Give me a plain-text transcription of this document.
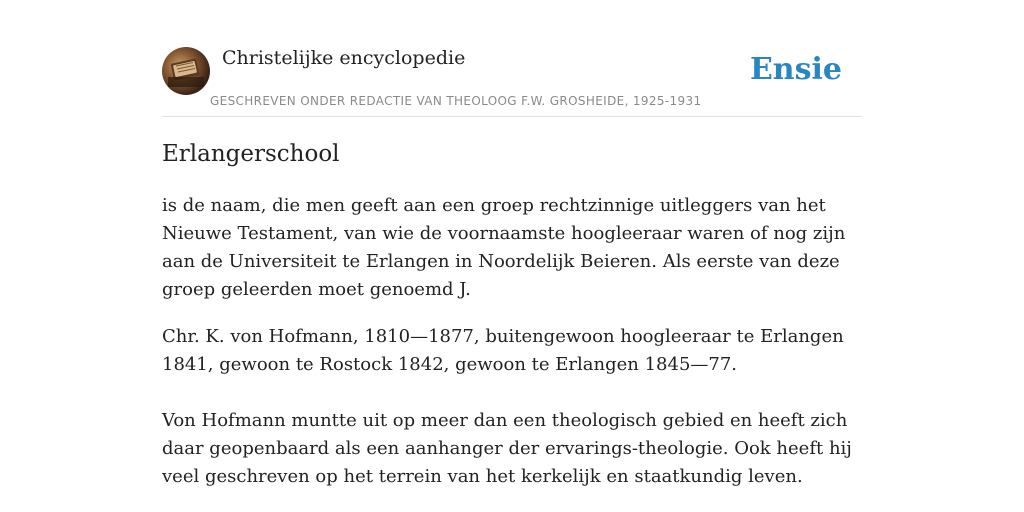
Christelijke encyclopedie
GESCHREVEN ONDER REDACTIE VAN THEOLOOG F.W. GROSHEIDE, 1925-1931
Ensie
Erlangerschool

is de naam, die men geeft aan een groep rechtzinnige uitleggers van het Nieuwe Testament, van wie de voornaamste hoogleeraar waren of nog zijn aan de Universiteit te Erlangen in Noordelijk Beieren. Als eerste van deze groep geleerden moet genoemd J.

Chr. K. von Hofmann, 1810—1877, buitengewoon hoogleeraar te Erlangen 1841, gewoon te Rostock 1842, gewoon te Erlangen 1845—77.

Von Hofmann muntte uit op meer dan een theologisch gebied en heeft zich daar geopenbaard als een aanhanger der ervarings-theologie. Ook heeft hij veel geschreven op het terrein van het kerkelijk en staatkundig leven.
